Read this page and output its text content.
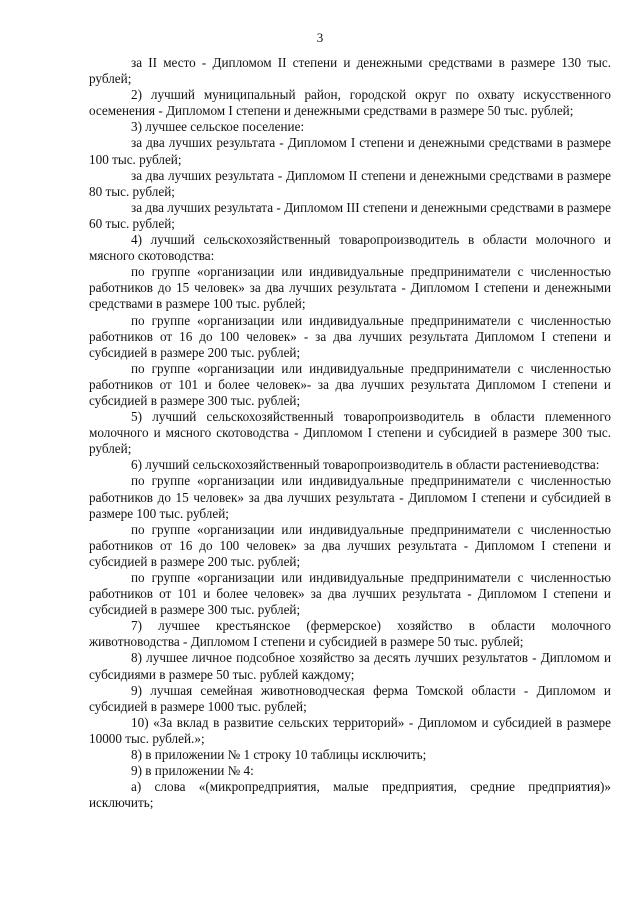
3

за II место - Дипломом II степени и денежными средствами в размере 130 тыс. рублей;

2) лучший муниципальный район, городской округ по охвату искусственного осеменения - Дипломом I степени и денежными средствами в размере 50 тыс. рублей;

3) лучшее сельское поселение:

за два лучших результата - Дипломом I степени и денежными средствами в размере 100 тыс. рублей;

за два лучших результата - Дипломом II степени и денежными средствами в размере 80 тыс. рублей;

за два лучших результата - Дипломом III степени и денежными средствами в размере 60 тыс. рублей;

4) лучший сельскохозяйственный товаропроизводитель в области молочного и мясного скотоводства:

по группе «организации или индивидуальные предприниматели с численностью работников до 15 человек» за два лучших результата - Дипломом I степени и денежными средствами в размере 100 тыс. рублей;

по группе «организации или индивидуальные предприниматели с численностью работников от 16 до 100 человек» - за два лучших результата Дипломом I степени и субсидией в размере 200 тыс. рублей;

по группе «организации или индивидуальные предприниматели с численностью работников от 101 и более человек»- за два лучших результата Дипломом I степени и субсидией в размере 300 тыс. рублей;

5) лучший сельскохозяйственный товаропроизводитель в области племенного молочного и мясного скотоводства - Дипломом I степени и субсидией в размере 300 тыс. рублей;

6) лучший сельскохозяйственный товаропроизводитель в области растениеводства:

по группе «организации или индивидуальные предприниматели с численностью работников до 15 человек» за два лучших результата - Дипломом I степени и субсидией в размере 100 тыс. рублей;

по группе «организации или индивидуальные предприниматели с численностью работников от 16 до 100 человек» за два лучших результата - Дипломом I степени и субсидией в размере 200 тыс. рублей;

по группе «организации или индивидуальные предприниматели с численностью работников от 101 и более человек» за два лучших результата - Дипломом I степени и субсидией в размере 300 тыс. рублей;

7) лучшее крестьянское (фермерское) хозяйство в области молочного животноводства - Дипломом I степени и субсидией в размере 50 тыс. рублей;

8) лучшее личное подсобное хозяйство за десять лучших результатов - Дипломом и субсидиями в размере 50 тыс. рублей каждому;

9) лучшая семейная животноводческая ферма Томской области - Дипломом и субсидией в размере 1000 тыс. рублей;

10) «За вклад в развитие сельских территорий» - Дипломом и субсидией в размере 10000 тыс. рублей.»;

8) в приложении № 1 строку 10 таблицы исключить;

9) в приложении № 4:

а) слова «(микропредприятия, малые предприятия, средние предприятия)» исключить;
